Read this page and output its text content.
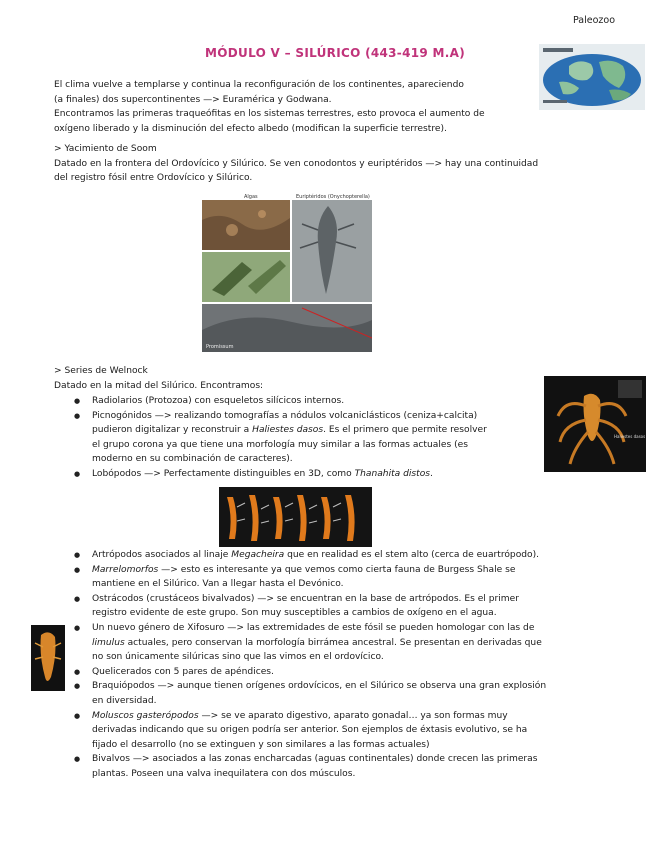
Paleozoo
MÓDULO V – SILÚRICO (443-419 M.A)
El clima vuelve a templarse y continua la reconfiguración de los continentes, apareciendo
(a finales) dos supercontinentes —> Euramérica y Godwana.
Encontramos las primeras traqueófitas en los sistemas terrestres, esto provoca el aumento de
oxígeno liberado y la disminución del efecto albedo (modifican la superficie terrestre).
> Yacimiento de Soom
Datado en la frontera del Ordovícico y Silúrico. Se ven conodontos y euriptéridos —> hay una continuidad
del registro fósil entre Ordovícico y Silúrico.
Algas	Euriptéridos (Onychopterella)
Promissum
> Series de Welnock
Datado en la mitad del Silúrico. Encontramos:
Haliestes dasos
● Radiolarios (Protozoa) con esqueletos silícicos internos.
● Picnogónidos —> realizando tomografías a nódulos volcaniclásticos (ceniza+calcita)
pudieron digitalizar y reconstruir a Haliestes dasos. Es el primero que permite resolver
el grupo corona ya que tiene una morfología muy similar a las formas actuales (es
moderno en su combinación de caracteres).
● Lobópodos —> Perfectamente distinguibles en 3D, como Thanahita distos.
● Artrópodos asociados al linaje Megacheira que en realidad es el stem alto (cerca de euartrópodo).
● Marrelomorfos —> esto es interesante ya que vemos como cierta fauna de Burgess Shale se
mantiene en el Silúrico. Van a llegar hasta el Devónico.
● Ostrácodos (crustáceos bivalvados) —> se encuentran en la base de artrópodos. Es el primer
registro evidente de este grupo. Son muy susceptibles a cambios de oxígeno en el agua.
● Un nuevo género de Xifosuro —> las extremidades de este fósil se pueden homologar con las de
limulus actuales, pero conservan la morfología birrámea ancestral. Se presentan en derivadas que
no son únicamente silúricas sino que las vimos en el ordovícico.
● Quelicerados con 5 pares de apéndices.
● Braquiópodos —> aunque tienen orígenes ordovícicos, en el Silúrico se observa una gran explosión
en diversidad.
● Moluscos gasterópodos —> se ve aparato digestivo, aparato gonadal… ya son formas muy
derivadas indicando que su origen podría ser anterior. Son ejemplos de éxtasis evolutivo, se ha
fijado el desarrollo (no se extinguen y son similares a las formas actuales)
● Bivalvos —> asociados a las zonas encharcadas (aguas continentales) donde crecen las primeras
plantas. Poseen una valva inequilatera con dos músculos.
